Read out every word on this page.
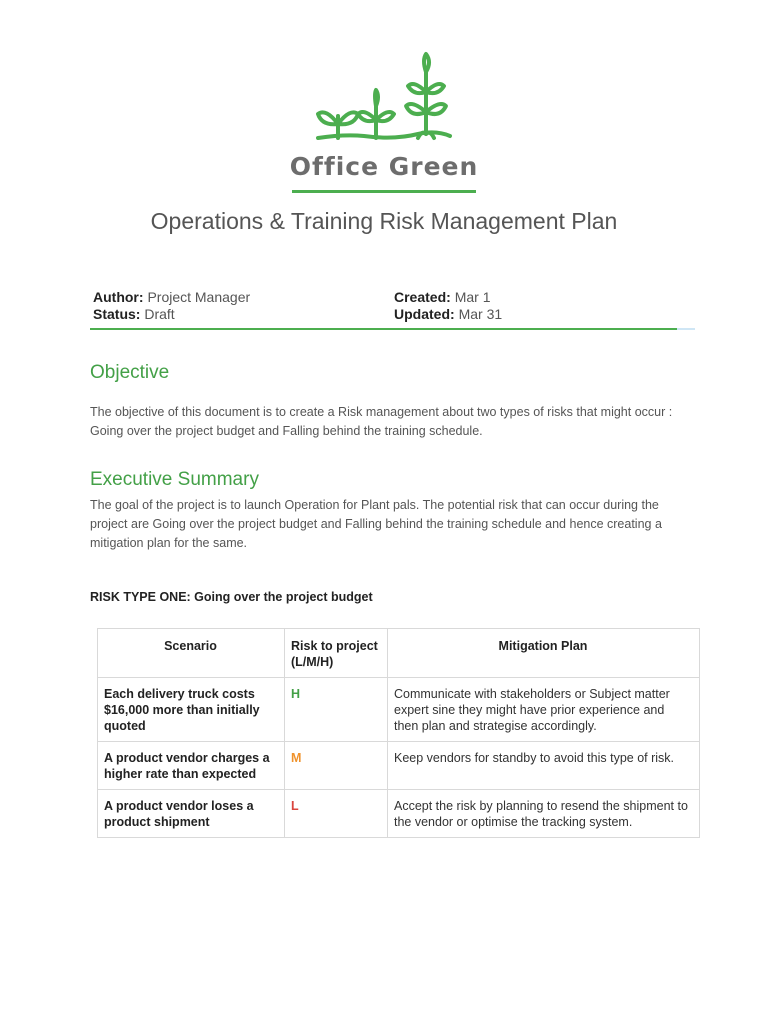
Office Green
Operations & Training Risk Management Plan
Author: Project Manager	Created: Mar 1
Status: Draft	Updated: Mar 31
Objective

The objective of this document is to create a Risk management about two types of risks that might occur : Going over the project budget and Falling behind the training schedule.

Executive Summary

The goal of the project is to launch Operation for Plant pals. The potential risk that can occur during the project are Going over the project budget and Falling behind the training schedule and hence creating a mitigation plan for the same.

RISK TYPE ONE: Going over the project budget

Scenario	Risk to project (L/M/H)	Mitigation Plan
Each delivery truck costs $16,000 more than initially quoted	H	Communicate with stakeholders or Subject matter expert sine they might have prior experience and then plan and strategise accordingly.
A product vendor charges a higher rate than expected	M	Keep vendors for standby to avoid this type of risk.
A product vendor loses a product shipment	L	Accept the risk by planning to resend the shipment to the vendor or optimise the tracking system.
